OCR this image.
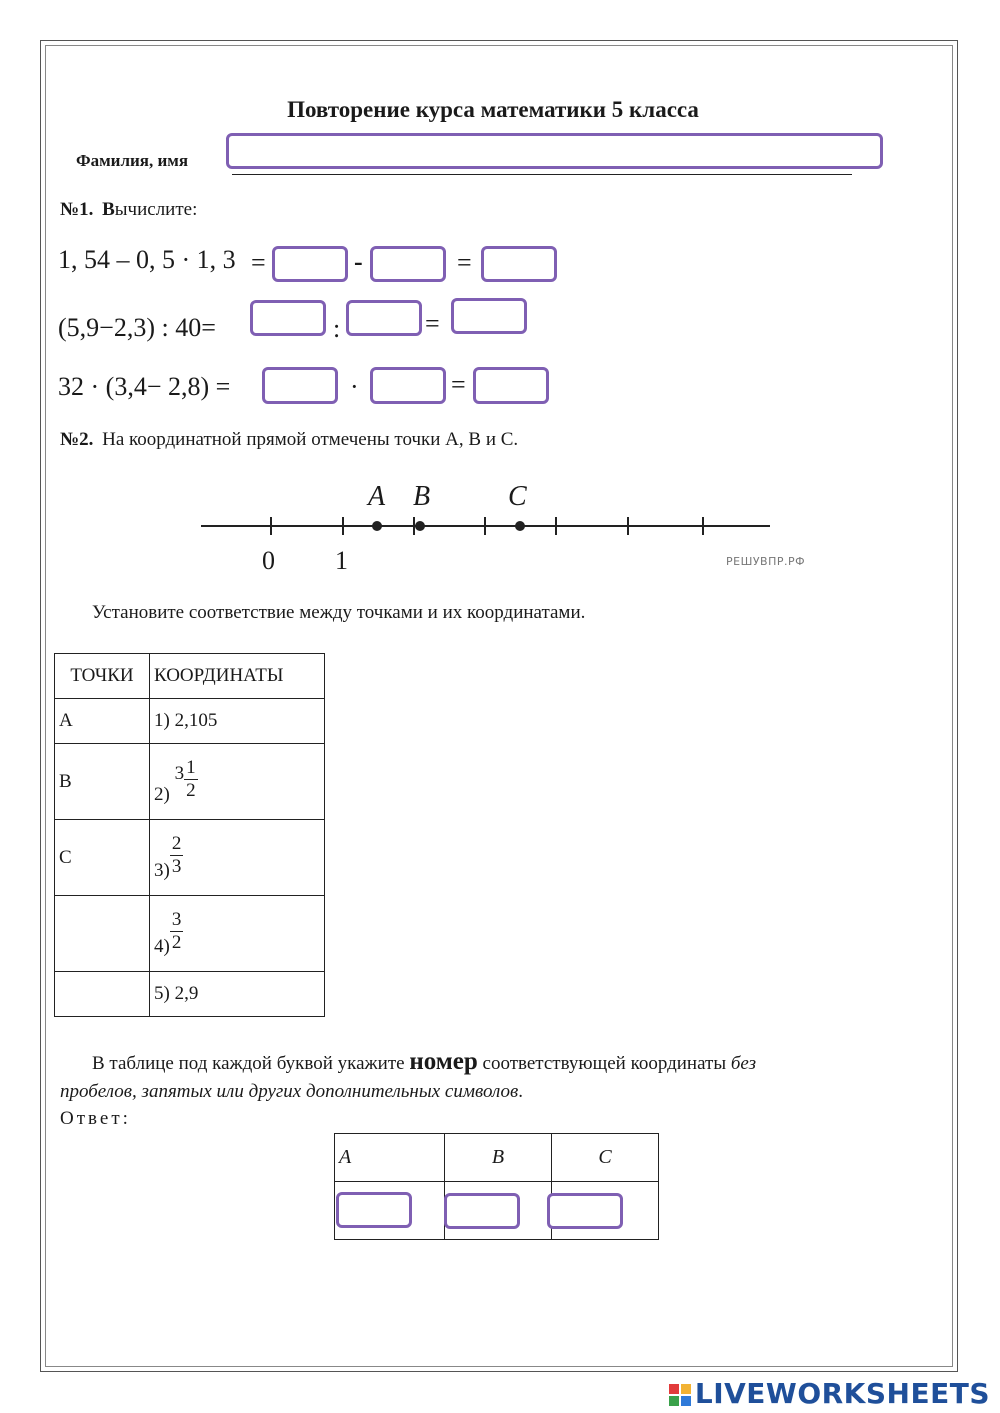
Повторение курса математики 5 класса
Фамилия, имя
№1. Вычислите:
1, 54 – 0, 5 · 1, 3 =	-	=
(5,9−2,3) : 40=	:	=
32 · (3,4− 2,8) =	·	=
№2. На координатной прямой отмечены точки А, В и С.
A B	C
0 1	РЕШУВПР.РФ
Установите соответствие между точками и их координатами.
ТОЧКИ	КООРДИНАТЫ
А	1) 2,105
В	2) $3 \frac{1}{2}$

С	$3) \frac{2}{3}$

	$4) \frac{3}{2}$

	5) 2,9
В таблице под каждой буквой укажите номер соответствующей координаты без
пробелов, запятых или других дополнительных символов.
Ответ:
A	B	C

LIVEWORKSHEETS
